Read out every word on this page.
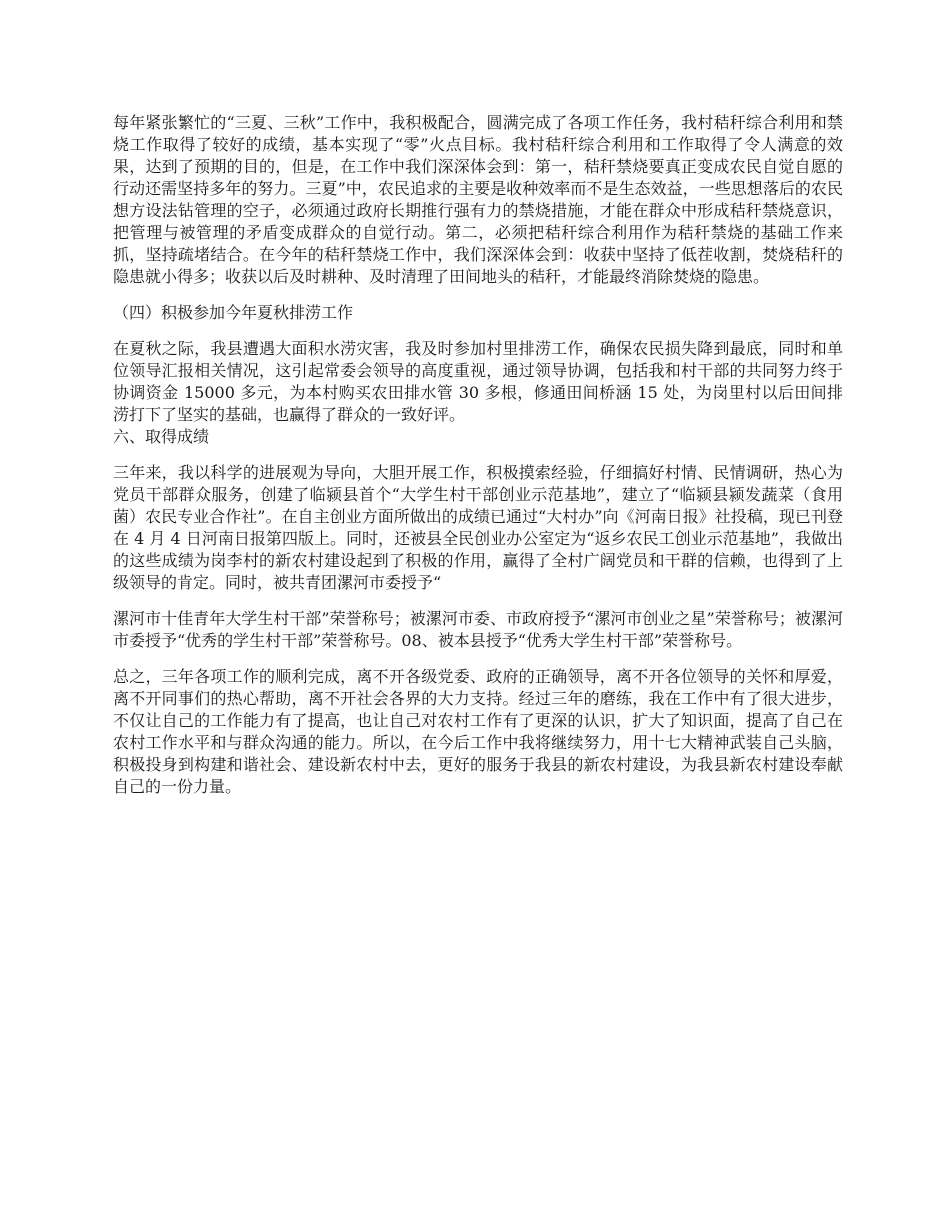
每年紧张繁忙的“三夏、三秋”工作中，我积极配合，圆满完成了各项工作任务，我村秸秆综合利用和禁烧工作取得了较好的成绩，基本实现了“零”火点目标。我村秸秆综合利用和工作取得了令人满意的效果，达到了预期的目的，但是，在工作中我们深深体会到：第一，秸秆禁烧要真正变成农民自觉自愿的行动还需坚持多年的努力。三夏”中，农民追求的主要是收种效率而不是生态效益，一些思想落后的农民想方设法钻管理的空子，必须通过政府长期推行强有力的禁烧措施，才能在群众中形成秸秆禁烧意识，把管理与被管理的矛盾变成群众的自觉行动。第二，必须把秸秆综合利用作为秸秆禁烧的基础工作来抓，坚持疏堵结合。在今年的秸秆禁烧工作中，我们深深体会到：收获中坚持了低茬收割，焚烧秸秆的隐患就小得多；收获以后及时耕种、及时清理了田间地头的秸秆，才能最终消除焚烧的隐患。

（四）积极参加今年夏秋排涝工作

在夏秋之际，我县遭遇大面积水涝灾害，我及时参加村里排涝工作，确保农民损失降到最底，同时和单位领导汇报相关情况，这引起常委会领导的高度重视，通过领导协调，包括我和村干部的共同努力终于协调资金 15000 多元，为本村购买农田排水管 30 多根，修通田间桥涵 15 处，为岗里村以后田间排涝打下了坚实的基础，也赢得了群众的一致好评。

六、取得成绩

三年来，我以科学的进展观为导向，大胆开展工作，积极摸索经验，仔细搞好村情、民情调研，热心为党员干部群众服务，创建了临颍县首个“大学生村干部创业示范基地”，建立了“临颍县颍发蔬菜（食用菌）农民专业合作社”。在自主创业方面所做出的成绩已通过“大村办”向《河南日报》社投稿，现已刊登在 4 月 4 日河南日报第四版上。同时，还被县全民创业办公室定为“返乡农民工创业示范基地”，我做出的这些成绩为岗李村的新农村建设起到了积极的作用，赢得了全村广阔党员和干群的信赖，也得到了上级领导的肯定。同时，被共青团漯河市委授予“

漯河市十佳青年大学生村干部”荣誉称号；被漯河市委、市政府授予“漯河市创业之星”荣誉称号；被漯河市委授予“优秀的学生村干部”荣誉称号。08、被本县授予“优秀大学生村干部”荣誉称号。

总之，三年各项工作的顺利完成，离不开各级党委、政府的正确领导，离不开各位领导的关怀和厚爱，离不开同事们的热心帮助，离不开社会各界的大力支持。经过三年的磨练，我在工作中有了很大进步，不仅让自己的工作能力有了提高，也让自己对农村工作有了更深的认识，扩大了知识面，提高了自己在农村工作水平和与群众沟通的能力。所以，在今后工作中我将继续努力，用十七大精神武装自己头脑，积极投身到构建和谐社会、建设新农村中去，更好的服务于我县的新农村建设，为我县新农村建设奉献自己的一份力量。
